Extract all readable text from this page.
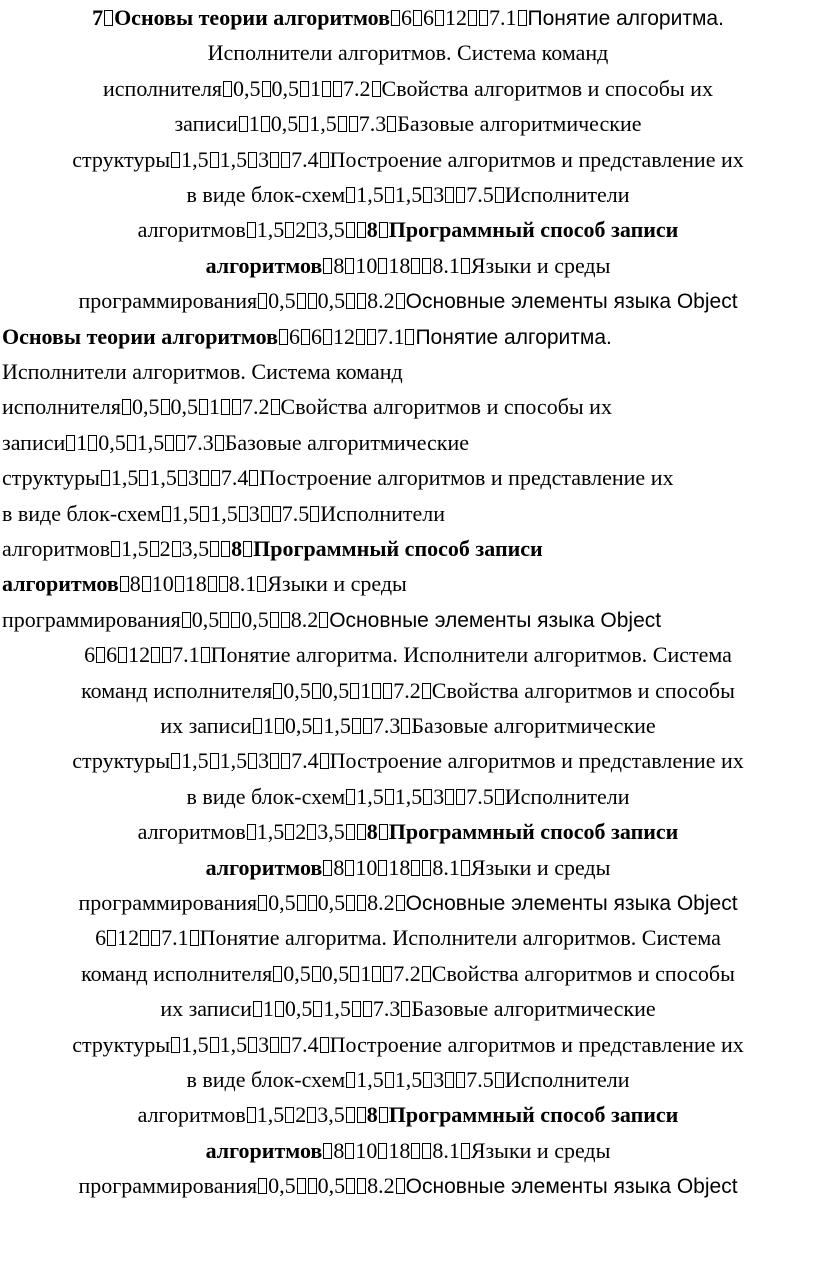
7 Основы теории алгоритмов 6 6 12 7.1 Понятие алгоритма.
Исполнители алгоритмов. Система команд
исполнителя 0,5 0,5 1 7.2 Свойства алгоритмов и способы их
записи 1 0,5 1,5 7.3 Базовые алгоритмические
структуры 1,5 1,5 3 7.4 Построение алгоритмов и представление их
в виде блок-схем 1,5 1,5 3 7.5 Исполнители
алгоритмов 1,5 2 3,5 8 Программный способ записи
алгоритмов 8 10 18 8.1 Языки и среды
программирования 0,5 0,5 8.2 Основные элементы языка Object
Основы теории алгоритмов 6 6 12 7.1 Понятие алгоритма.
Исполнители алгоритмов. Система команд
исполнителя 0,5 0,5 1 7.2 Свойства алгоритмов и способы их
записи 1 0,5 1,5 7.3 Базовые алгоритмические
структуры 1,5 1,5 3 7.4 Построение алгоритмов и представление их
в виде блок-схем 1,5 1,5 3 7.5 Исполнители
алгоритмов 1,5 2 3,5 8 Программный способ записи
алгоритмов 8 10 18 8.1 Языки и среды
программирования 0,5 0,5 8.2 Основные элементы языка Object
6 6 12 7.1 Понятие алгоритма. Исполнители алгоритмов. Система
команд исполнителя 0,5 0,5 1 7.2 Свойства алгоритмов и способы
их записи 1 0,5 1,5 7.3 Базовые алгоритмические
структуры 1,5 1,5 3 7.4 Построение алгоритмов и представление их
в виде блок-схем 1,5 1,5 3 7.5 Исполнители
алгоритмов 1,5 2 3,5 8 Программный способ записи
алгоритмов 8 10 18 8.1 Языки и среды
программирования 0,5 0,5 8.2 Основные элементы языка Object
6 12 7.1 Понятие алгоритма. Исполнители алгоритмов. Система
команд исполнителя 0,5 0,5 1 7.2 Свойства алгоритмов и способы
их записи 1 0,5 1,5 7.3 Базовые алгоритмические
структуры 1,5 1,5 3 7.4 Построение алгоритмов и представление их
в виде блок-схем 1,5 1,5 3 7.5 Исполнители
алгоритмов 1,5 2 3,5 8 Программный способ записи
алгоритмов 8 10 18 8.1 Языки и среды
программирования 0,5 0,5 8.2 Основные элементы языка Object
